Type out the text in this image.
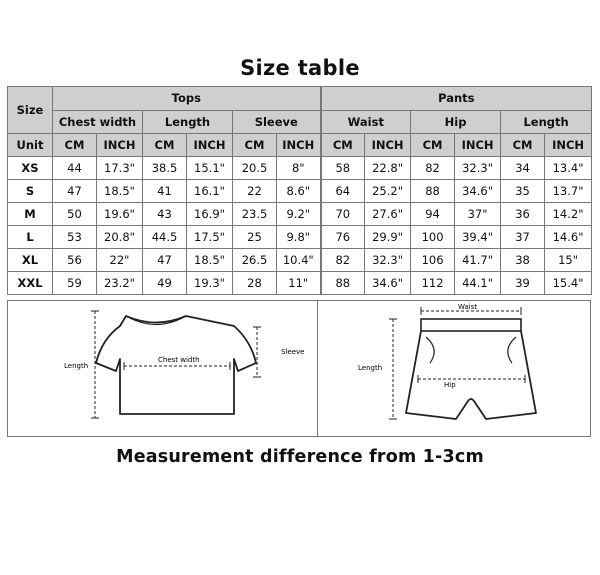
Size table
Size	Tops						Pants					
	Chest width		Length		Sleeve		Waist		Hip		Length	
Unit	CM	INCH	CM	INCH	CM	INCH	CM	INCH	CM	INCH	CM	INCH
XS	44	17.3"	38.5	15.1"	20.5	8"	58	22.8"	82	32.3"	34	13.4"
S	47	18.5"	41	16.1"	22	8.6"	64	25.2"	88	34.6"	35	13.7"
M	50	19.6"	43	16.9"	23.5	9.2"	70	27.6"	94	37"	36	14.2"
L	53	20.8"	44.5	17.5"	25	9.8"	76	29.9"	100	39.4"	37	14.6"
XL	56	22"	47	18.5"	26.5	10.4"	82	32.3"	106	41.7"	38	15"
XXL	59	23.2"	49	19.3"	28	11"	88	34.6"	112	44.1"	39	15.4"
Length
Chest width
Sleeve
Waist
Length
Hip
Measurement difference from 1-3cm
